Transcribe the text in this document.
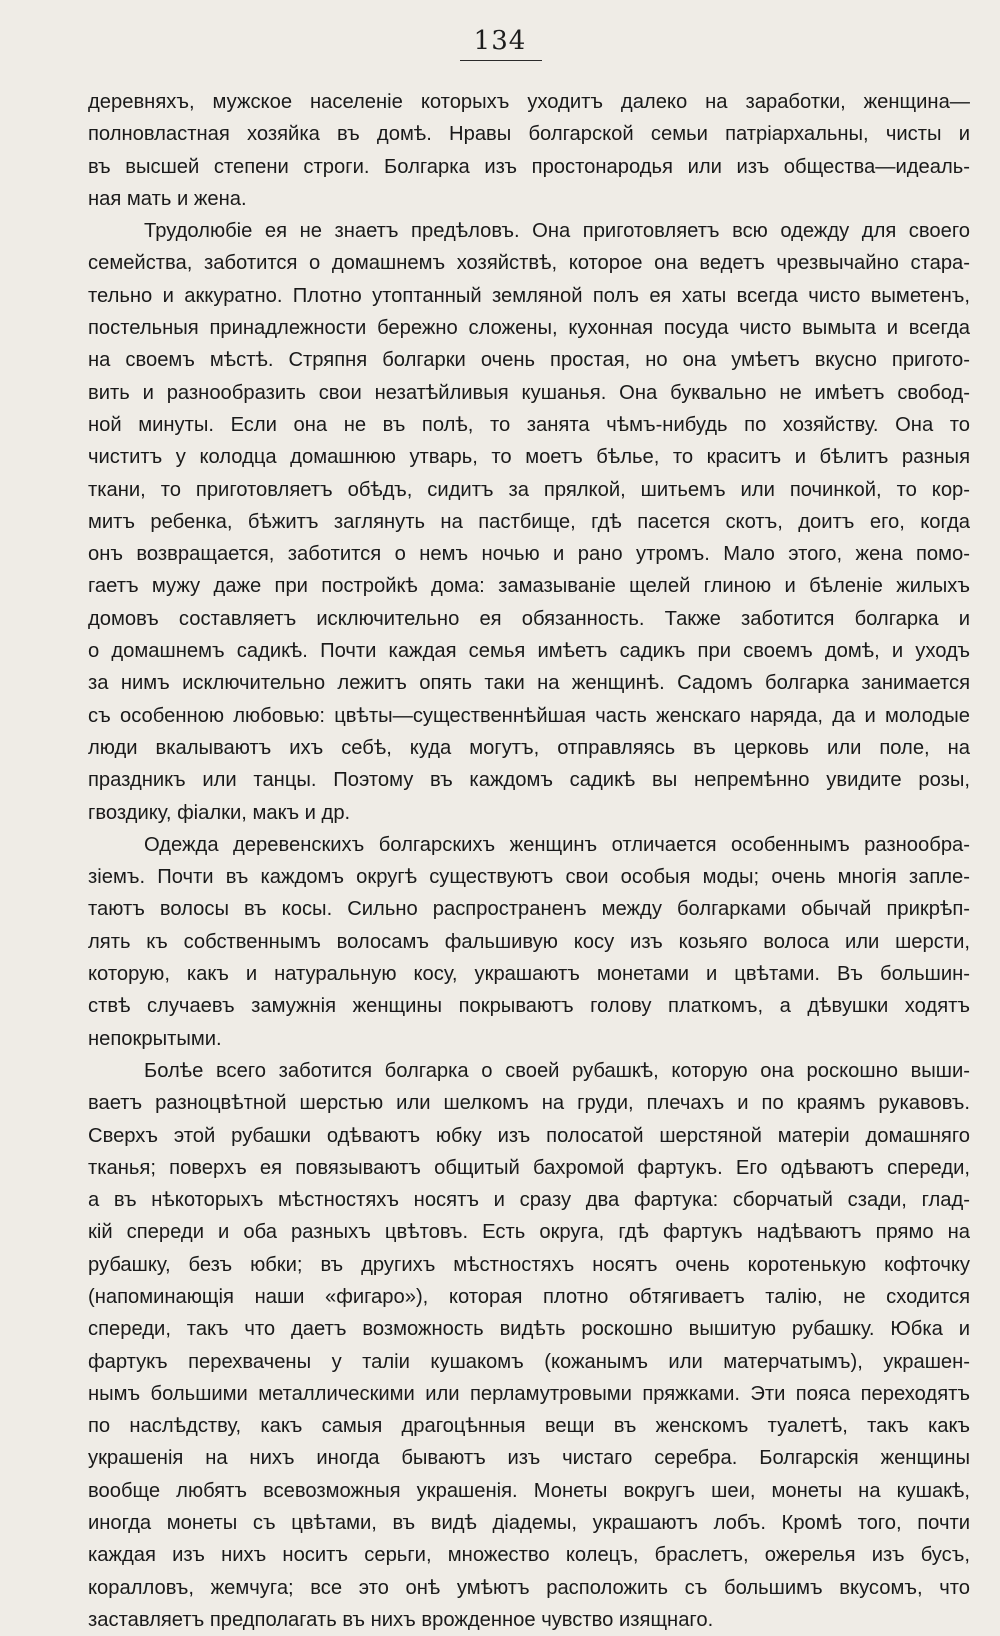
134
деревняхъ, мужское населеніе которыхъ уходитъ далеко на заработки, женщина—
полновластная хозяйка въ домѣ. Нравы болгарской семьи патріархальны, чисты и
въ высшей степени строги. Болгарка изъ простонародья или изъ общества—идеаль-
ная мать и жена.
Трудолюбіе ея не знаетъ предѣловъ. Она приготовляетъ всю одежду для своего
семейства, заботится о домашнемъ хозяйствѣ, которое она ведетъ чрезвычайно стара-
тельно и аккуратно. Плотно утоптанный земляной полъ ея хаты всегда чисто выметенъ,
постельныя принадлежности бережно сложены, кухонная посуда чисто вымыта и всегда
на своемъ мѣстѣ. Стряпня болгарки очень простая, но она умѣетъ вкусно пригото-
вить и разнообразить свои незатѣйливыя кушанья. Она буквально не имѣетъ свобод-
ной минуты. Если она не въ полѣ, то занята чѣмъ-нибудь по хозяйству. Она то
чиститъ у колодца домашнюю утварь, то моетъ бѣлье, то краситъ и бѣлитъ разныя
ткани, то приготовляетъ обѣдъ, сидитъ за прялкой, шитьемъ или починкой, то кор-
митъ ребенка, бѣжитъ заглянуть на пастбище, гдѣ пасется скотъ, доитъ его, когда
онъ возвращается, заботится о немъ ночью и рано утромъ. Мало этого, жена помо-
гаетъ мужу даже при постройкѣ дома: замазываніе щелей глиною и бѣленіе жилыхъ
домовъ составляетъ исключительно ея обязанность. Также заботится болгарка и
о домашнемъ садикѣ. Почти каждая семья имѣетъ садикъ при своемъ домѣ, и уходъ
за нимъ исключительно лежитъ опять таки на женщинѣ. Садомъ болгарка занимается
съ особенною любовью: цвѣты—существеннѣйшая часть женскаго наряда, да и молодые
люди вкалываютъ ихъ себѣ, куда могутъ, отправляясь въ церковь или поле, на
праздникъ или танцы. Поэтому въ каждомъ садикѣ вы непремѣнно увидите розы,
гвоздику, фіалки, макъ и др.
Одежда деревенскихъ болгарскихъ женщинъ отличается особеннымъ разнообра-
зіемъ. Почти въ каждомъ округѣ существуютъ свои особыя моды; очень многія запле-
таютъ волосы въ косы. Сильно распространенъ между болгарками обычай прикрѣп-
лять къ собственнымъ волосамъ фальшивую косу изъ козьяго волоса или шерсти,
которую, какъ и натуральную косу, украшаютъ монетами и цвѣтами. Въ большин-
ствѣ случаевъ замужнія женщины покрываютъ голову платкомъ, а дѣвушки ходятъ
непокрытыми.
Болѣе всего заботится болгарка о своей рубашкѣ, которую она роскошно выши-
ваетъ разноцвѣтной шерстью или шелкомъ на груди, плечахъ и по краямъ рукавовъ.
Сверхъ этой рубашки одѣваютъ юбку изъ полосатой шерстяной матеріи домашняго
тканья; поверхъ ея повязываютъ общитый бахромой фартукъ. Его одѣваютъ спереди,
а въ нѣкоторыхъ мѣстностяхъ носятъ и сразу два фартука: сборчатый сзади, глад-
кій спереди и оба разныхъ цвѣтовъ. Есть округа, гдѣ фартукъ надѣваютъ прямо на
рубашку, безъ юбки; въ другихъ мѣстностяхъ носятъ очень коротенькую кофточку
(напоминающія наши «фигаро»), которая плотно обтягиваетъ талію, не сходится
спереди, такъ что даетъ возможность видѣть роскошно вышитую рубашку. Юбка и
фартукъ перехвачены у таліи кушакомъ (кожанымъ или матерчатымъ), украшен-
нымъ большими металлическими или перламутровыми пряжками. Эти пояса переходятъ
по наслѣдству, какъ самыя драгоцѣнныя вещи въ женскомъ туалетѣ, такъ какъ
украшенія на нихъ иногда бываютъ изъ чистаго серебра. Болгарскія женщины
вообще любятъ всевозможныя украшенія. Монеты вокругъ шеи, монеты на кушакѣ,
иногда монеты съ цвѣтами, въ видѣ діадемы, украшаютъ лобъ. Кромѣ того, почти
каждая изъ нихъ носитъ серьги, множество колецъ, браслетъ, ожерелья изъ бусъ,
коралловъ, жемчуга; все это онѣ умѣютъ расположить съ большимъ вкусомъ, что
заставляетъ предполагать въ нихъ врожденное чувство изящнаго.
